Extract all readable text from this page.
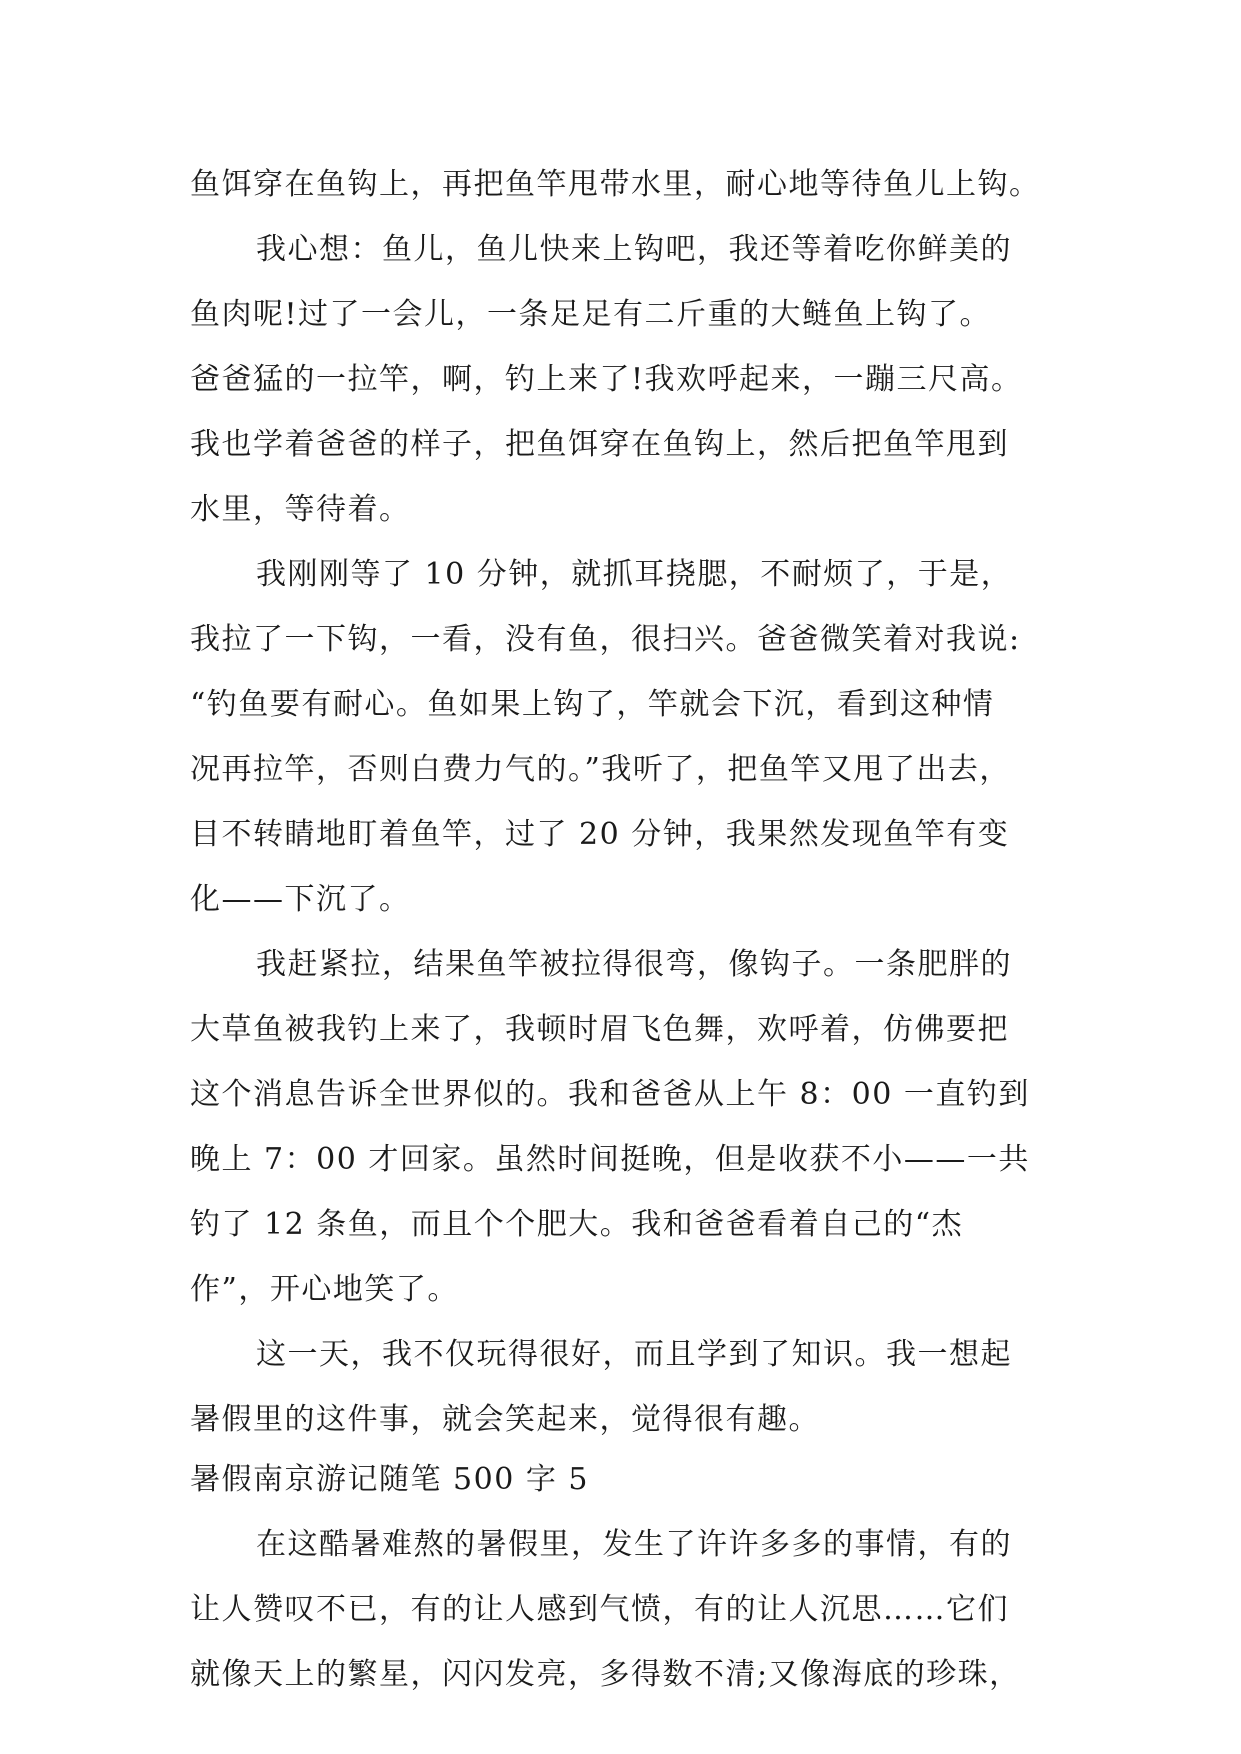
鱼饵穿在鱼钩上，再把鱼竿甩带水里，耐心地等待鱼儿上钩。
我心想：鱼儿，鱼儿快来上钩吧，我还等着吃你鲜美的
鱼肉呢!过了一会儿，一条足足有二斤重的大鲢鱼上钩了。
爸爸猛的一拉竿，啊，钓上来了!我欢呼起来，一蹦三尺高。
我也学着爸爸的样子，把鱼饵穿在鱼钩上，然后把鱼竿甩到
水里，等待着。
我刚刚等了 10 分钟，就抓耳挠腮，不耐烦了，于是，
我拉了一下钩，一看，没有鱼，很扫兴。爸爸微笑着对我说:
“钓鱼要有耐心。鱼如果上钩了，竿就会下沉，看到这种情
况再拉竿，否则白费力气的。”我听了，把鱼竿又甩了出去，
目不转睛地盯着鱼竿，过了 20 分钟，我果然发现鱼竿有变
化——下沉了。
我赶紧拉，结果鱼竿被拉得很弯，像钩子。一条肥胖的
大草鱼被我钓上来了，我顿时眉飞色舞，欢呼着，仿佛要把
这个消息告诉全世界似的。我和爸爸从上午 8：00 一直钓到
晚上 7：00 才回家。虽然时间挺晚，但是收获不小——一共
钓了 12 条鱼，而且个个肥大。我和爸爸看着自己的“杰
作”，开心地笑了。
这一天，我不仅玩得很好，而且学到了知识。我一想起
暑假里的这件事，就会笑起来，觉得很有趣。
暑假南京游记随笔 500 字 5
在这酷暑难熬的暑假里，发生了许许多多的事情，有的
让人赞叹不已，有的让人感到气愤，有的让人沉思……它们
就像天上的繁星，闪闪发亮，多得数不清;又像海底的珍珠，
